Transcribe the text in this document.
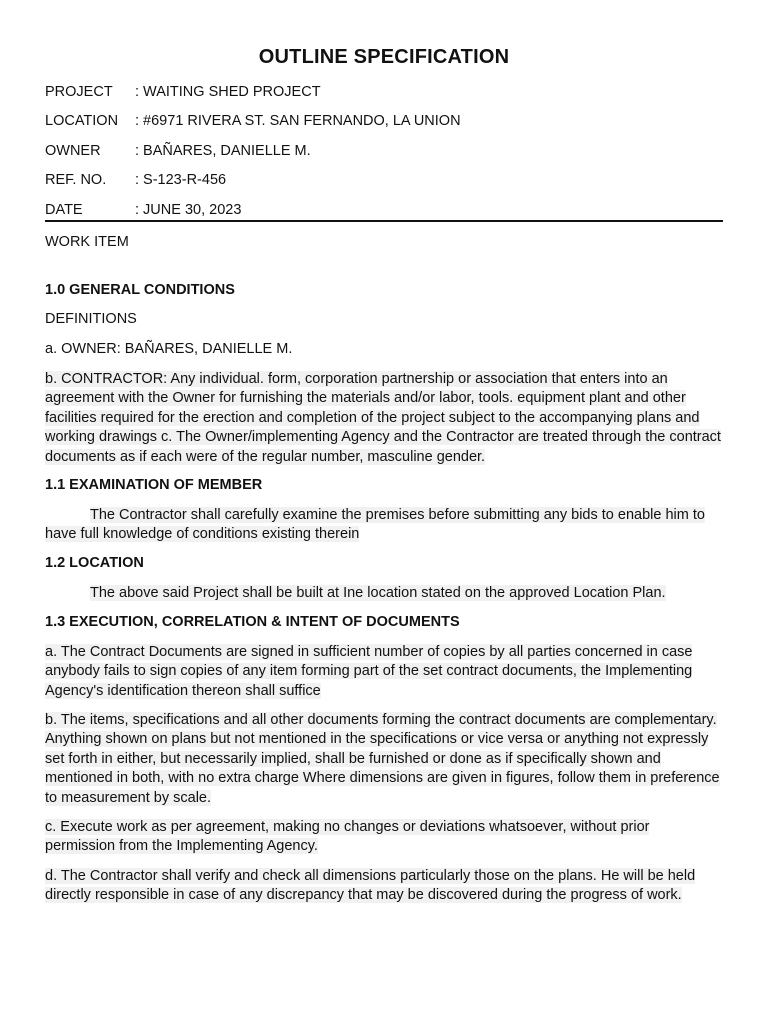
OUTLINE SPECIFICATION
PROJECT : WAITING SHED PROJECT
LOCATION : #6971 RIVERA ST. SAN FERNANDO, LA UNION
OWNER : BAÑARES, DANIELLE M.
REF. NO. : S-123-R-456
DATE	: JUNE 30, 2023
WORK ITEM
1.0 GENERAL CONDITIONS
DEFINITIONS
a. OWNER: BAÑARES, DANIELLE M.
b. CONTRACTOR: Any individual. form, corporation partnership or association that enters into an agreement with the Owner for furnishing the materials and/or labor, tools. equipment plant and other facilities required for the erection and completion of the project subject to the accompanying plans and working drawings c. The Owner/implementing Agency and the Contractor are treated through the contract documents as if each were of the regular number, masculine gender.
1.1 EXAMINATION OF MEMBER
The Contractor shall carefully examine the premises before submitting any bids to enable him to have full knowledge of conditions existing therein
1.2 LOCATION
The above said Project shall be built at Ine location stated on the approved Location Plan.
1.3 EXECUTION, CORRELATION & INTENT OF DOCUMENTS
a. The Contract Documents are signed in sufficient number of copies by all parties concerned in case anybody fails to sign copies of any item forming part of the set contract documents, the Implementing Agency's identification thereon shall suffice
b. The items, specifications and all other documents forming the contract documents are complementary. Anything shown on plans but not mentioned in the specifications or vice versa or anything not expressly set forth in either, but necessarily implied, shall be furnished or done as if specifically shown and mentioned in both, with no extra charge Where dimensions are given in figures, follow them in preference to measurement by scale.
c. Execute work as per agreement, making no changes or deviations whatsoever, without prior permission from the Implementing Agency.
d. The Contractor shall verify and check all dimensions particularly those on the plans. He will be held directly responsible in case of any discrepancy that may be discovered during the progress of work.
